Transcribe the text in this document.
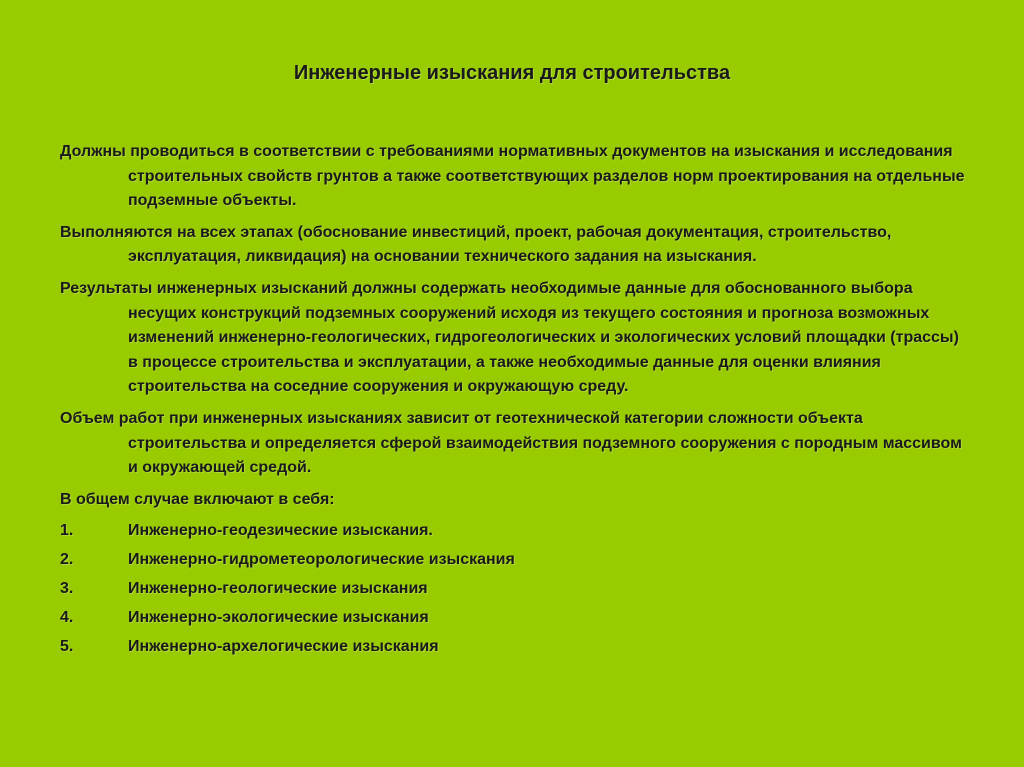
Инженерные изыскания для строительства

Должны проводиться в соответствии с требованиями нормативных документов на изыскания и исследования строительных свойств грунтов а также соответствующих разделов норм проектирования на отдельные подземные объекты.

Выполняются на всех этапах (обоснование инвестиций, проект, рабочая документация, строительство, эксплуатация, ликвидация) на основании технического задания на изыскания.

Результаты инженерных изысканий должны содержать необходимые данные для обоснованного выбора несущих конструкций подземных сооружений исходя из текущего состояния и прогноза возможных изменений инженерно-геологических, гидрогеологических и экологических условий площадки (трассы) в процессе строительства и эксплуатации, а также необходимые данные для оценки влияния строительства на соседние сооружения и окружающую среду.

Объем работ при инженерных изысканиях зависит от геотехнической категории сложности объекта строительства и определяется сферой взаимодействия подземного сооружения с породным массивом и окружающей средой.

В общем случае включают в себя:

1.	Инженерно-геодезические изыскания.
2.	Инженерно-гидрометеорологические изыскания
3.	Инженерно-геологические изыскания
4.	Инженерно-экологические изыскания
5.	Инженерно-архелогические изыскания
